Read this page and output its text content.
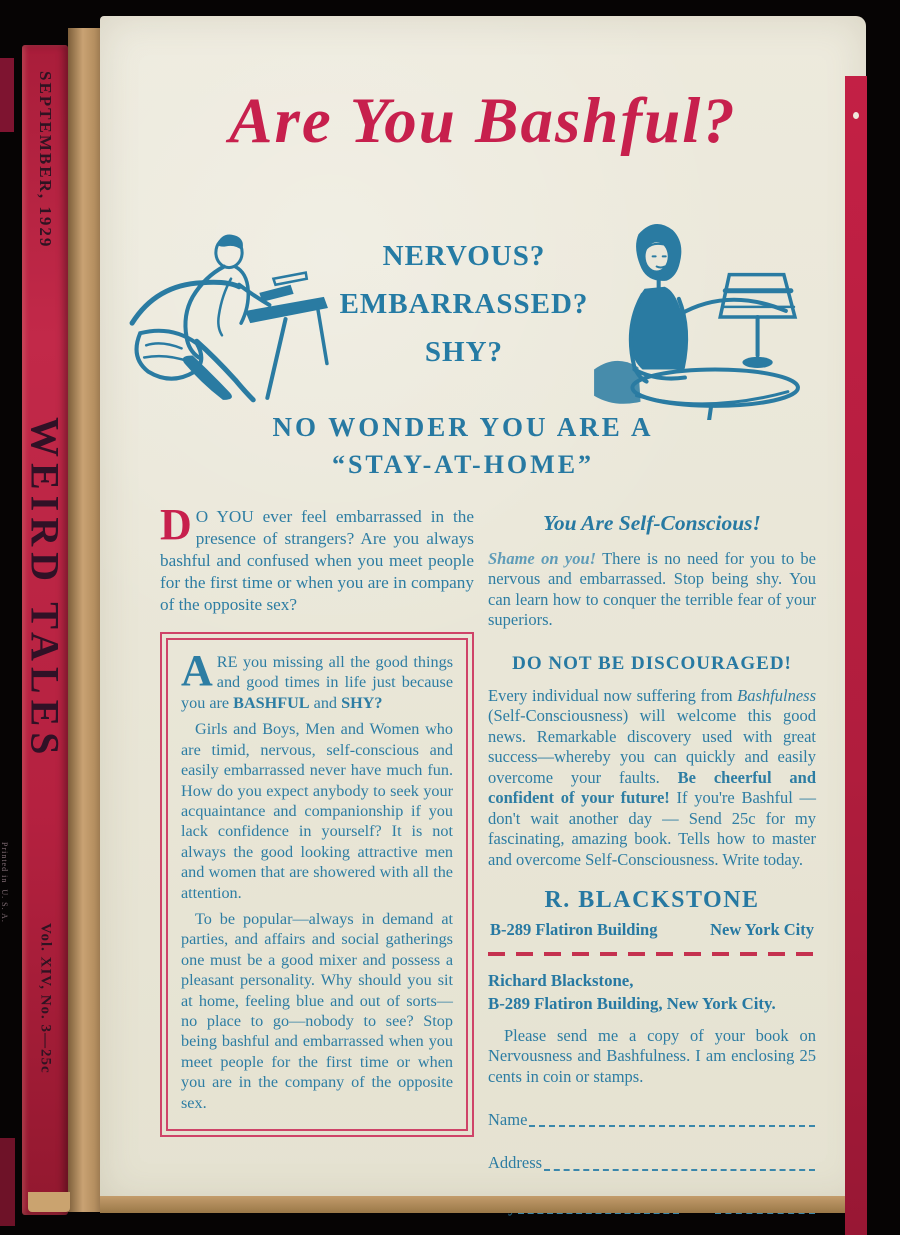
SEPTEMBER, 1929
WEIRD TALES
Vol. XIV, No. 3—25c
Printed in  U. S. A.
Are You Bashful?
NERVOUS?
EMBARRASSED?
SHY?
NO WONDER YOU ARE A
“STAY-AT-HOME”

D O YOU ever feel embarrassed in the presence of strangers? Are you always bashful and confused when you meet people for the first time or when you are in company of the opposite sex?

ARE you missing all the good things and good times in life just because you are BASHFUL and SHY?

Girls and Boys, Men and Women who are timid, nervous, self-conscious and easily embarrassed never have much fun. How do you expect anybody to seek your acquaintance and companionship if you lack confidence in yourself? It is not always the good looking attractive men and women that are showered with all the attention.

To be popular—always in demand at parties, and affairs and social gatherings one must be a good mixer and possess a pleasant personality. Why should you sit at home, feeling blue and out of sorts—no place to go—nobody to see? Stop being bashful and embarrassed when you meet people for the first time or when you are in the company of the opposite sex.

You Are Self-Conscious!

Shame on you! There is no need for you to be nervous and embarrassed. Stop being shy. You can learn how to conquer the terrible fear of your superiors.

DO NOT BE DISCOURAGED!

Every individual now suffering from Bashfulness (Self-Consciousness) will welcome this good news. Remarkable discovery used with great success—whereby you can quickly and easily overcome your faults. Be cheerful and confident of your future! If you're Bashful — don't wait another day — Send 25c for my fascinating, amazing book. Tells how to master and overcome Self-Consciousness. Write today.

R. BLACKSTONE
B-289 Flatiron Building	New York City
Richard Blackstone,
B-289 Flatiron Building, New York City.

Please send me a copy of your book on Nervousness and Bashfulness. I am enclosing 25 cents in coin or stamps.

Name
Address
